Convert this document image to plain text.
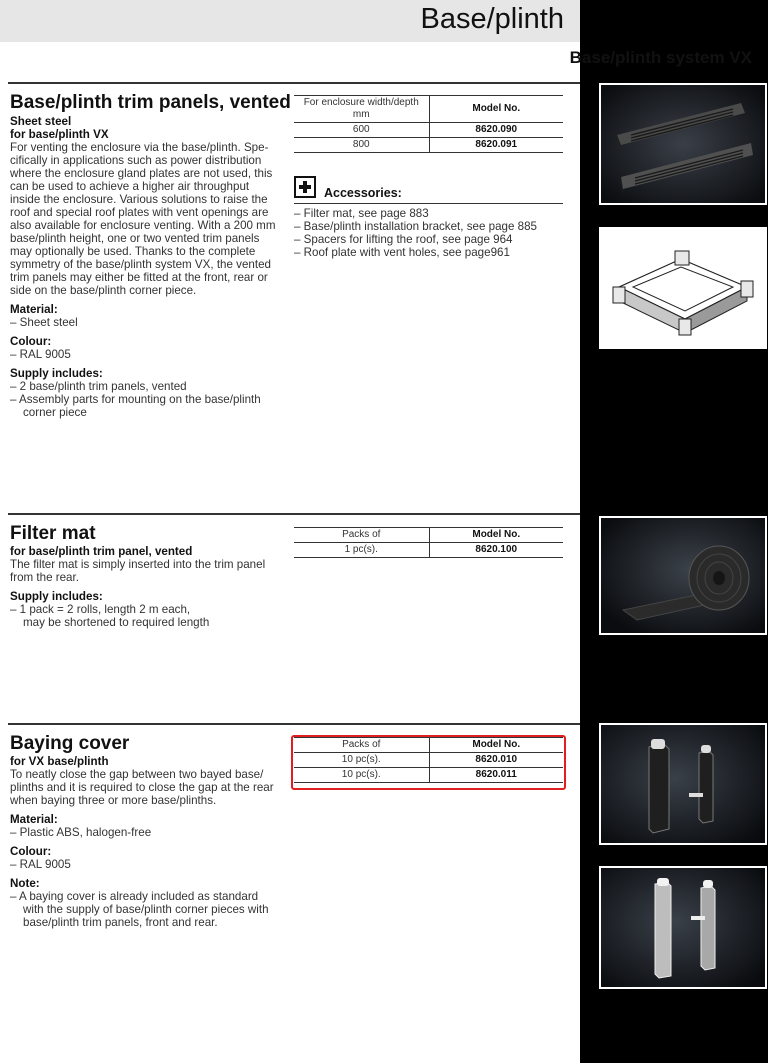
Base/plinth
Base/plinth system VX
Base/plinth trim panels, vented
Sheet steel
for base/plinth VX
For venting the enclosure via the base/plinth. Spe-
cifically in applications such as power distribution
where the enclosure gland plates are not used, this
can be used to achieve a higher air throughput
inside the enclosure. Various solutions to raise the
roof and special roof plates with vent openings are
also available for enclosure venting. With a 200 mm
base/plinth height, one or two vented trim panels
may optionally be used. Thanks to the complete
symmetry of the base/plinth system VX, the vented
trim panels may either be fitted at the front, rear or
side on the base/plinth corner piece.
Material:
– Sheet steel
Colour:
– RAL 9005
Supply includes:
– 2 base/plinth trim panels, vented
– Assembly parts for mounting on the base/plinth
corner piece
For enclosure width/depth
mm	Model No.
600	8620.090
800	8620.091
Accessories:
– Filter mat, see page 883
– Base/plinth installation bracket, see page 885
– Spacers for lifting the roof, see page 964
– Roof plate with vent holes, see page961
Filter mat
for base/plinth trim panel, vented
The filter mat is simply inserted into the trim panel
from the rear.
Supply includes:
– 1 pack = 2 rolls, length 2 m each,
may be shortened to required length
Packs of	Model No.
1 pc(s).	8620.100
Baying cover
for VX base/plinth
To neatly close the gap between two bayed base/
plinths and it is required to close the gap at the rear
when baying three or more base/plinths.
Material:
– Plastic ABS, halogen-free
Colour:
– RAL 9005
Note:
– A baying cover is already included as standard
with the supply of base/plinth corner pieces with
base/plinth trim panels, front and rear.
Packs of	Model No.
10 pc(s).	8620.010
10 pc(s).	8620.011
